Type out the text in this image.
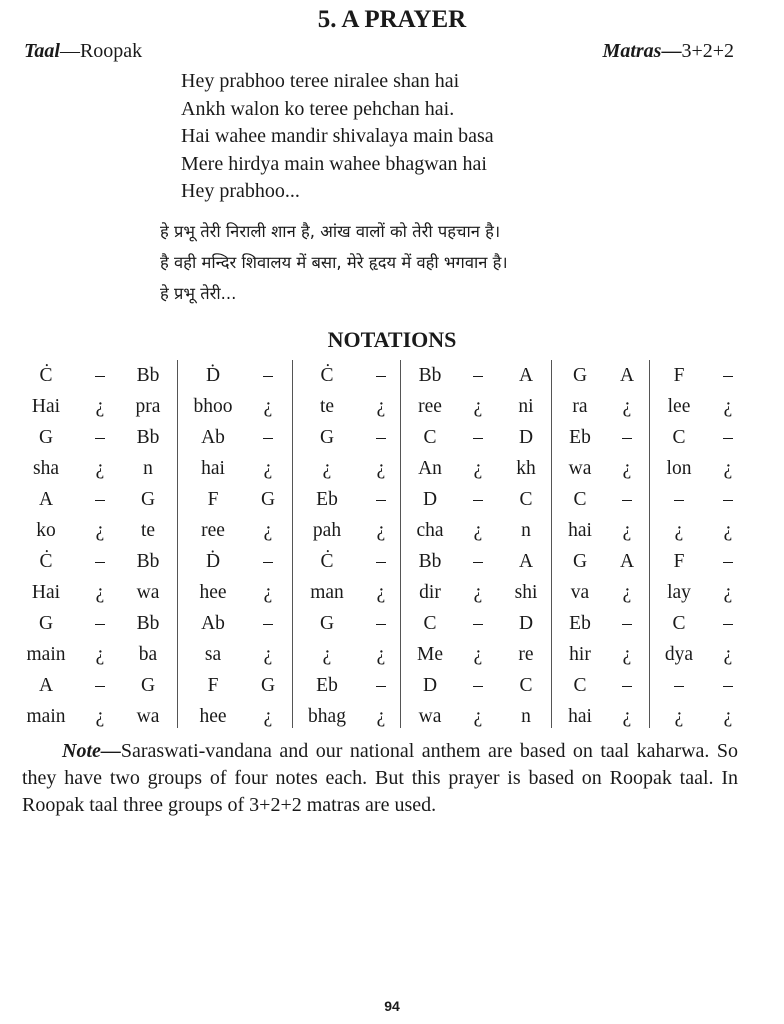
5. A PRAYER
Taal—Roopak	Matras—3+2+2
Hey prabhoo teree niralee shan hai
Ankh walon ko teree pehchan hai.
Hai wahee mandir shivalaya main basa
Mere hirdya main wahee bhagwan hai
Hey prabhoo...
हे प्रभू तेरी निराली शान है, आंख वालों को तेरी पहचान है।
है वही मन्दिर शिवालय में बसा, मेरे हृदय में वही भगवान है।
हे प्रभू तेरी...
NOTATIONS
Ċ	–	Bb	Ḋ	–	Ċ	–	Bb	–	A	G	A	F	–
Hai	¿	pra	bhoo	¿	te	¿	ree	¿	ni	ra	¿	lee	¿
G	–	Bb	Ab	–	G	–	C	–	D	Eb	–	C	–
sha	¿	n	hai	¿	¿	¿	An	¿	kh	wa	¿	lon	¿
A	–	G	F	G	Eb	–	D	–	C	C	–	–	–
ko	¿	te	ree	¿	pah	¿	cha	¿	n	hai	¿	¿	¿
Ċ	–	Bb	Ḋ	–	Ċ	–	Bb	–	A	G	A	F	–
Hai	¿	wa	hee	¿	man	¿	dir	¿	shi	va	¿	lay	¿
G	–	Bb	Ab	–	G	–	C	–	D	Eb	–	C	–
main	¿	ba	sa	¿	¿	¿	Me	¿	re	hir	¿	dya	¿
A	–	G	F	G	Eb	–	D	–	C	C	–	–	–
main	¿	wa	hee	¿	bhag	¿	wa	¿	n	hai	¿	¿	¿
Note—Saraswati-vandana and our national anthem are based on taal kaharwa. So they have two groups of four notes each. But this prayer is based on Roopak taal. In Roopak taal three groups of 3+2+2 matras are used.
94
